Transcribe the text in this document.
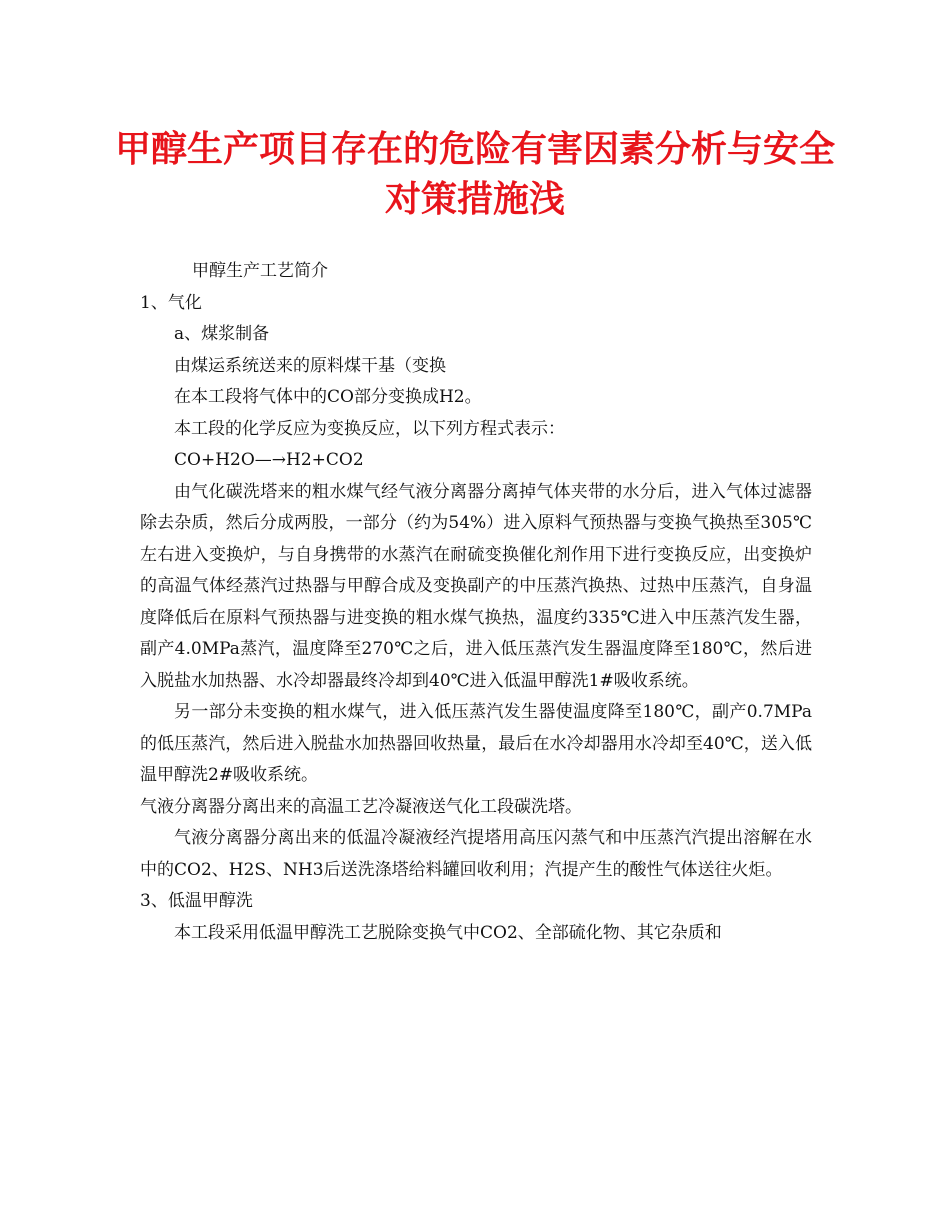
甲醇生产项目存在的危险有害因素分析与安全对策措施浅

甲醇生产工艺简介

1、气化

a、煤浆制备

由煤运系统送来的原料煤干基（变换

在本工段将气体中的CO部分变换成H2。

本工段的化学反应为变换反应，以下列方程式表示：

CO+H2O—→H2+CO2

由气化碳洗塔来的粗水煤气经气液分离器分离掉气体夹带的水分后，进入气体过滤器除去杂质，然后分成两股，一部分（约为54%）进入原料气预热器与变换气换热至305℃左右进入变换炉，与自身携带的水蒸汽在耐硫变换催化剂作用下进行变换反应，出变换炉的高温气体经蒸汽过热器与甲醇合成及变换副产的中压蒸汽换热、过热中压蒸汽，自身温度降低后在原料气预热器与进变换的粗水煤气换热，温度约335℃进入中压蒸汽发生器，副产4.0MPa蒸汽，温度降至270℃之后，进入低压蒸汽发生器温度降至180℃，然后进入脱盐水加热器、水冷却器最终冷却到40℃进入低温甲醇洗1#吸收系统。

另一部分未变换的粗水煤气，进入低压蒸汽发生器使温度降至180℃，副产0.7MPa的低压蒸汽，然后进入脱盐水加热器回收热量，最后在水冷却器用水冷却至40℃，送入低温甲醇洗2#吸收系统。

气液分离器分离出来的高温工艺冷凝液送气化工段碳洗塔。

气液分离器分离出来的低温冷凝液经汽提塔用高压闪蒸气和中压蒸汽汽提出溶解在水中的CO2、H2S、NH3后送洗涤塔给料罐回收利用；汽提产生的酸性气体送往火炬。

3、低温甲醇洗

本工段采用低温甲醇洗工艺脱除变换气中CO2、全部硫化物、其它杂质和
